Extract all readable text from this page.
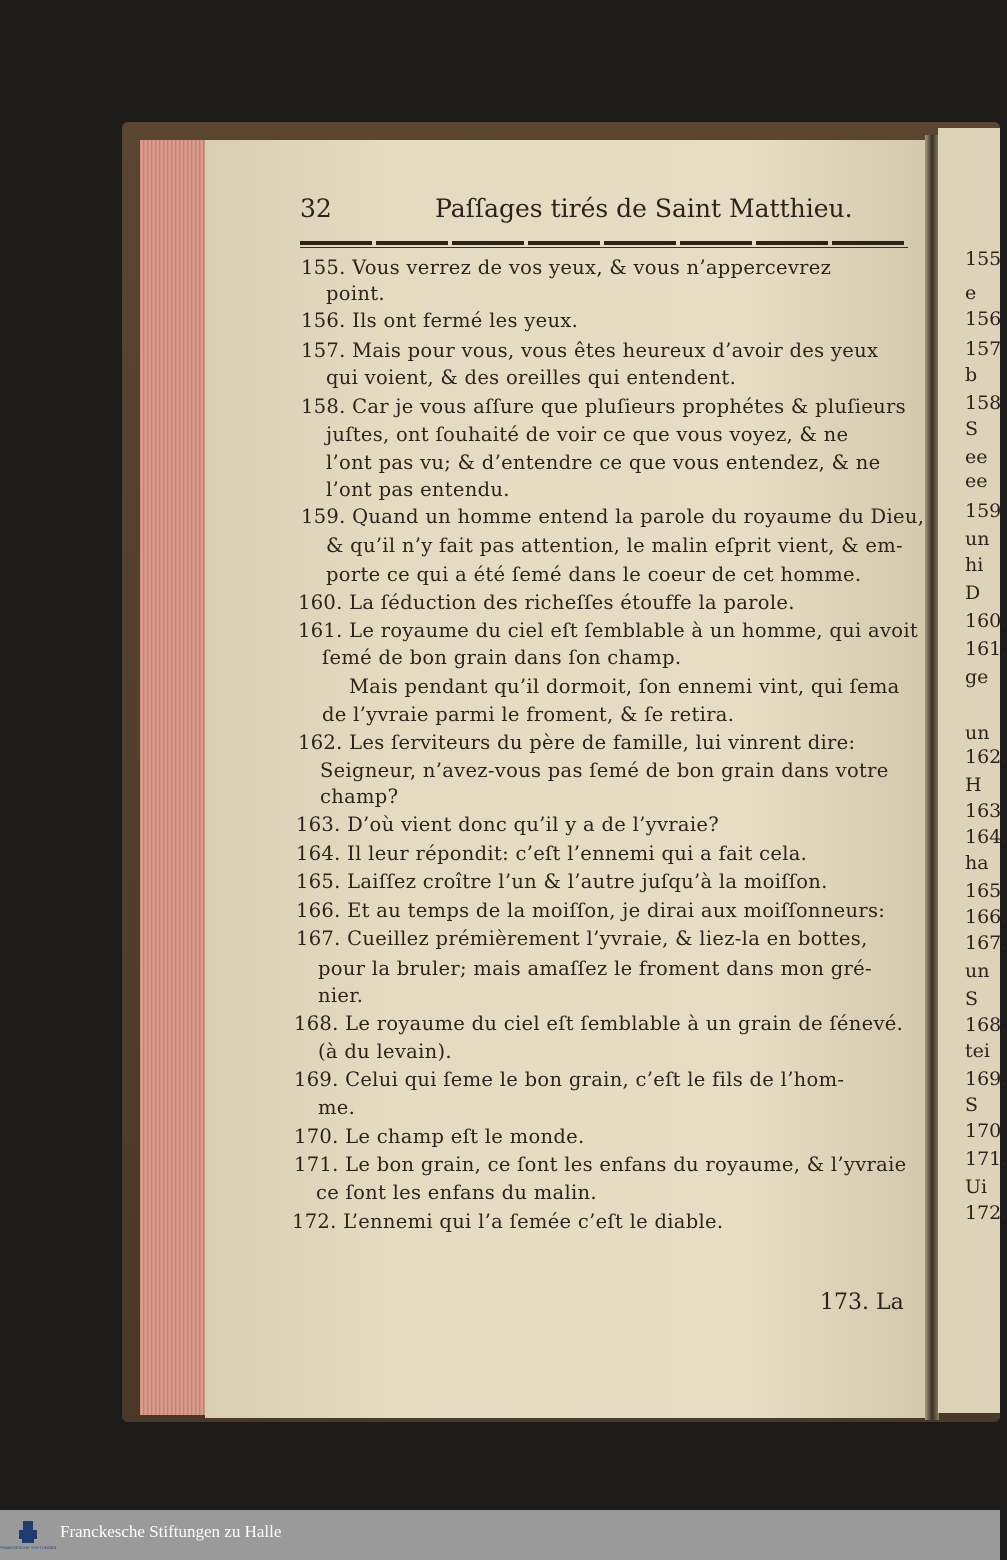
155
e
156
157
b
158
S
ee
ee
159
un
hi
D
160.
161.
ge
un
162.
H
163.
164.
ha
165.
166.
167.
un
S
168.
tei
169.
S
170.
171.
Ui
172.
32	Paſſages tirés de Saint Matthieu.
155. Vous verrez de vos yeux, & vous n’appercevrez
point.
156. Ils ont fermé les yeux.
157. Mais pour vous, vous êtes heureux d’avoir des yeux
qui voient, & des oreilles qui entendent.
158. Car je vous aſſure que pluſieurs prophétes & pluſieurs
juſtes, ont ſouhaité de voir ce que vous voyez, & ne
l’ont pas vu; & d’entendre ce que vous entendez, & ne
l’ont pas entendu.
159. Quand un homme entend la parole du royaume du Dieu,
& qu’il n’y fait pas attention, le malin eſprit vient, & em-
porte ce qui a été ſemé dans le coeur de cet homme.
160. La ſéduction des richeſſes étouffe la parole.
161. Le royaume du ciel eſt ſemblable à un homme, qui avoit
ſemé de bon grain dans ſon champ.
Mais pendant qu’il dormoit, ſon ennemi vint, qui ſema
de l’yvraie parmi le froment, & ſe retira.
162. Les ſerviteurs du père de famille, lui vinrent dire:
Seigneur, n’avez-vous pas ſemé de bon grain dans votre
champ?
163. D’où vient donc qu’il y a de l’yvraie?
164. Il leur répondit: c’eſt l’ennemi qui a fait cela.
165. Laiſſez croître l’un & l’autre juſqu’à la moiſſon.
166. Et au temps de la moiſſon, je dirai aux moiſſonneurs:
167. Cueillez prémièrement l’yvraie, & liez-la en bottes,
pour la bruler; mais amaſſez le froment dans mon gré-
nier.
168. Le royaume du ciel eſt ſemblable à un grain de ſénevé.
(à du levain).
169. Celui qui ſeme le bon grain, c’eſt le fils de l’hom-
me.
170. Le champ eſt le monde.
171. Le bon grain, ce ſont les enfans du royaume, & l’yvraie
ce ſont les enfans du malin.
172. L’ennemi qui l’a ſemée c’eſt le diable.
173. La
FRANCKESCHE STIFTUNGEN
Franckesche Stiftungen zu Halle
